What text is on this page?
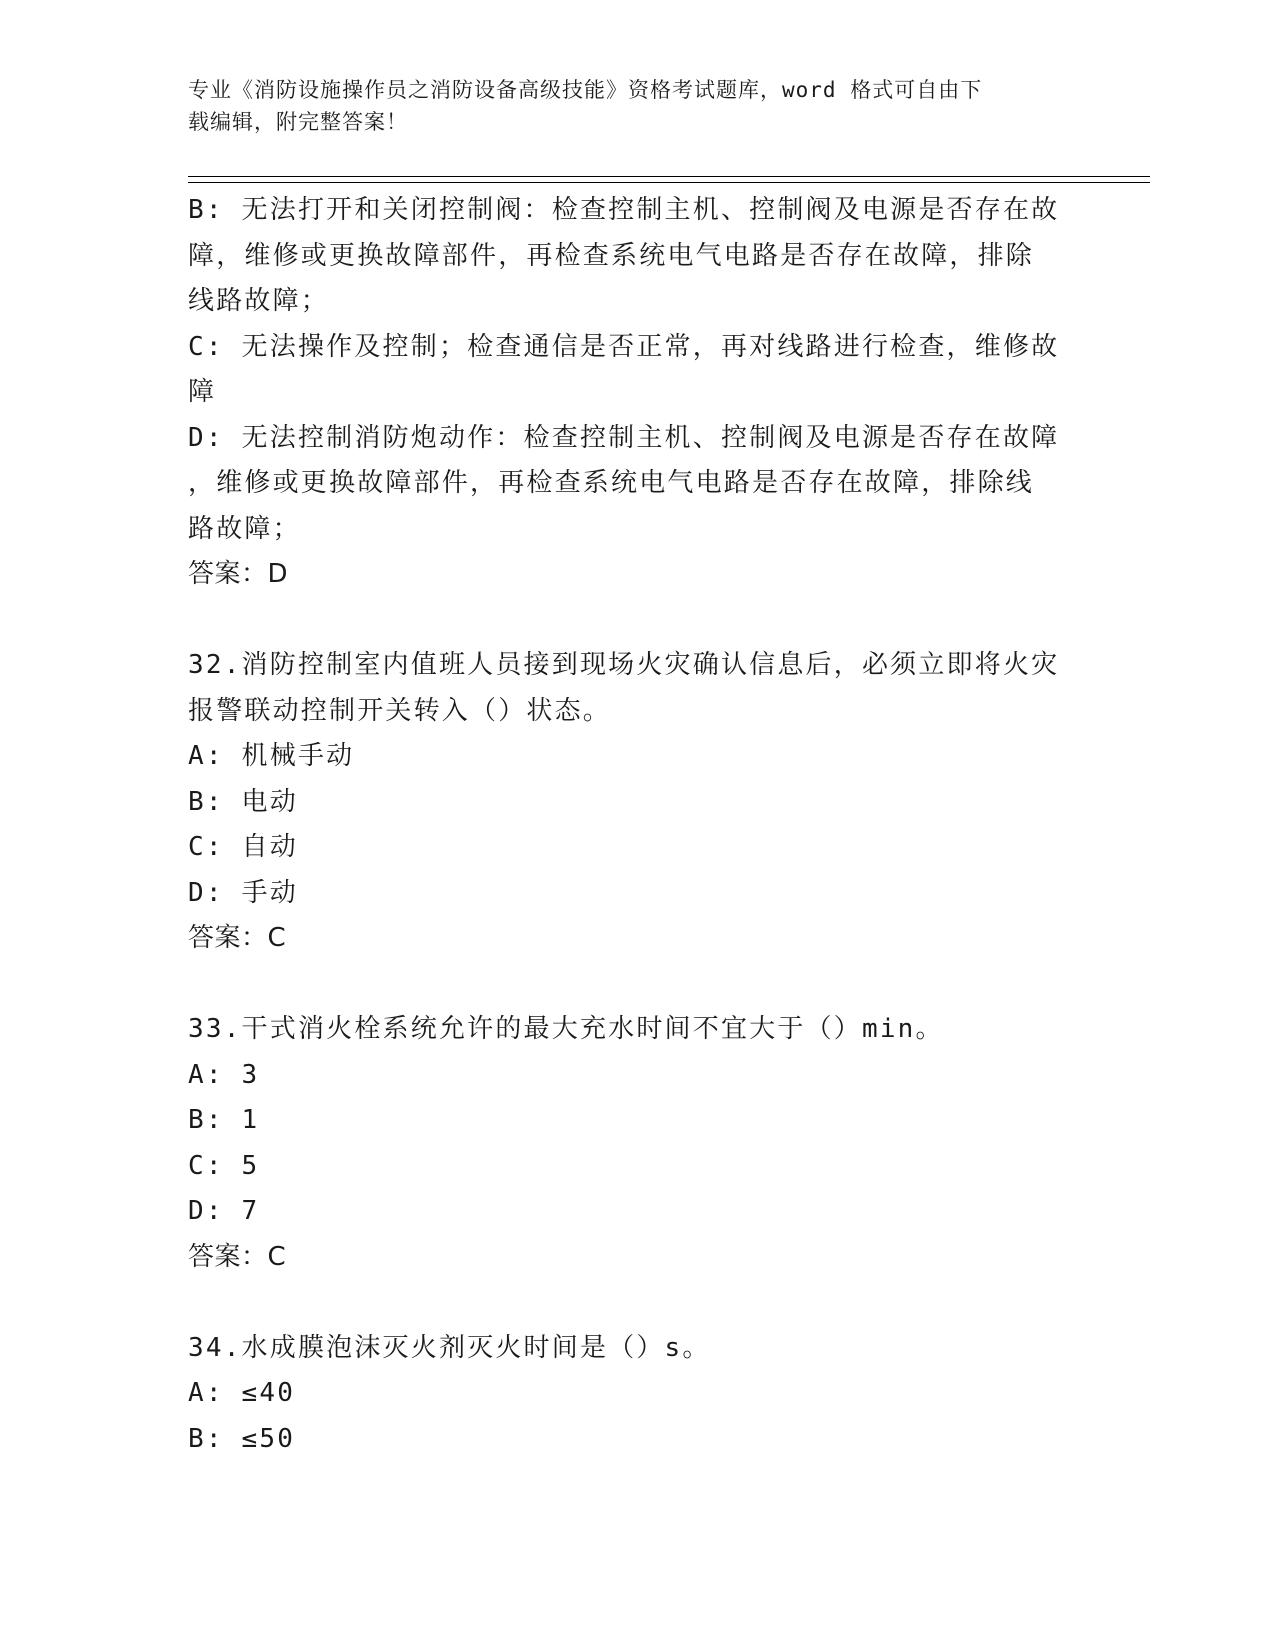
专业《消防设施操作员之消防设备高级技能》资格考试题库，word 格式可自由下
载编辑，附完整答案！
B: 无法打开和关闭控制阀：检查控制主机、控制阀及电源是否存在故
障，维修或更换故障部件，再检查系统电气电路是否存在故障，排除
线路故障；
C: 无法操作及控制；检查通信是否正常，再对线路进行检查，维修故
障
D: 无法控制消防炮动作：检查控制主机、控制阀及电源是否存在故障
，维修或更换故障部件，再检查系统电气电路是否存在故障，排除线
路故障；
答案：D
32.消防控制室内值班人员接到现场火灾确认信息后，必须立即将火灾
报警联动控制开关转入（）状态。
A: 机械手动
B: 电动
C: 自动
D: 手动
答案：C
33.干式消火栓系统允许的最大充水时间不宜大于（）min。
A: 3
B: 1
C: 5
D: 7
答案：C
34.水成膜泡沫灭火剂灭火时间是（）s。
A: ≤40
B: ≤50
